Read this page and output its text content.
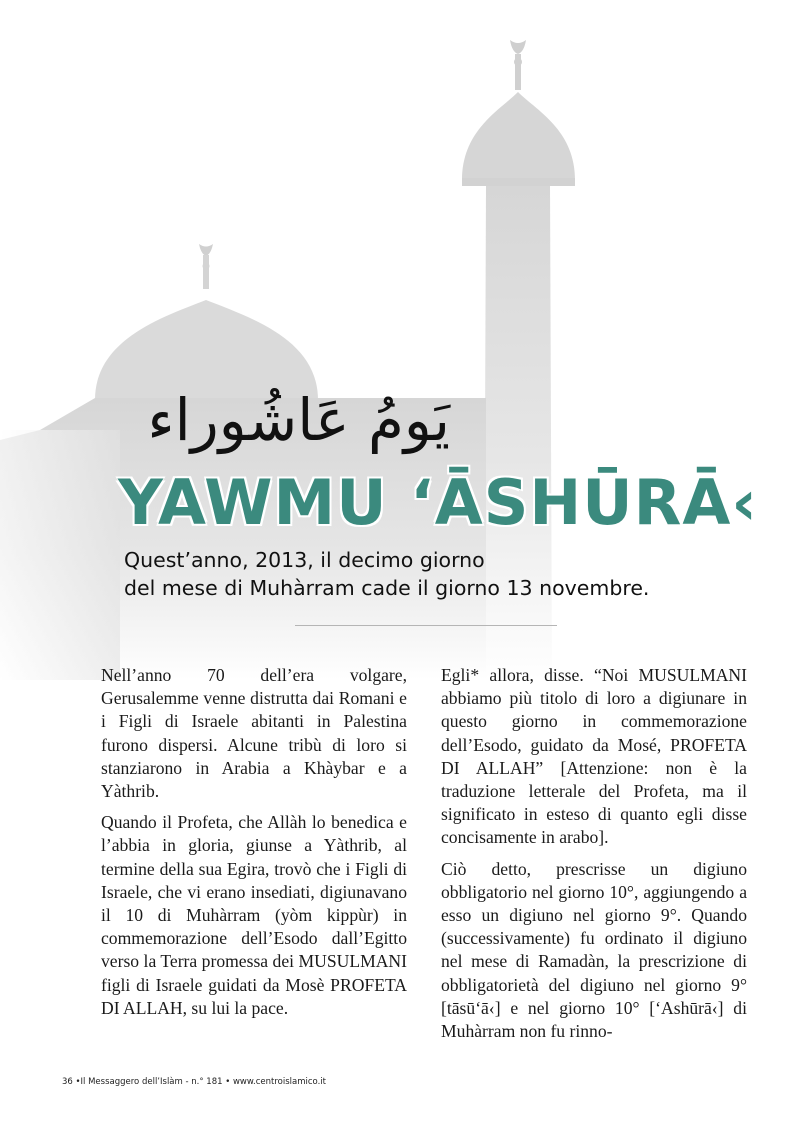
يَومُ عَاشُوراء
YAWMU ‘ĀSHŪRĀ‹
Quest’anno, 2013, il decimo giorno
del mese di Muhàrram cade il giorno 13 novembre.

Nell’anno 70 dell’era volgare, Gerusalemme venne distrutta dai Romani e i Figli di Israele abitanti in Palestina furono dispersi. Alcune tribù di loro si stanziarono in Arabia a Khàybar e a Yàthrib.

Quando il Profeta, che Allàh lo benedica e l’abbia in gloria, giunse a Yàthrib, al termine della sua Egira, trovò che i Figli di Israele, che vi erano insediati, digiunavano il 10 di Muhàrram (yòm kippùr) in commemorazione dell’Esodo dall’Egitto verso la Terra promessa dei MUSULMANI figli di Israele guidati da Mosè PROFETA DI ALLAH, su lui la pace.

Egli* allora, disse. “Noi MUSULMANI abbiamo più titolo di loro a digiunare in questo giorno in commemorazione dell’Esodo, guidato da Mosé, PROFETA DI ALLAH” [Attenzione: non è la traduzione letterale del Profeta, ma il significato in esteso di quanto egli disse concisamente in arabo].

Ciò detto, prescrisse un digiuno obbligatorio nel giorno 10°, aggiungendo a esso un digiuno nel giorno 9°. Quando (successivamente) fu ordinato il digiuno nel mese di Ramadàn, la prescrizione di obbligatorietà del digiuno nel giorno 9° [tāsū‘ā‹] e nel giorno 10° [‘Ashūrā‹] di Muhàrram non fu rinno-

36 •Il Messaggero dell’Islàm - n.° 181 • www.centroislamico.it
